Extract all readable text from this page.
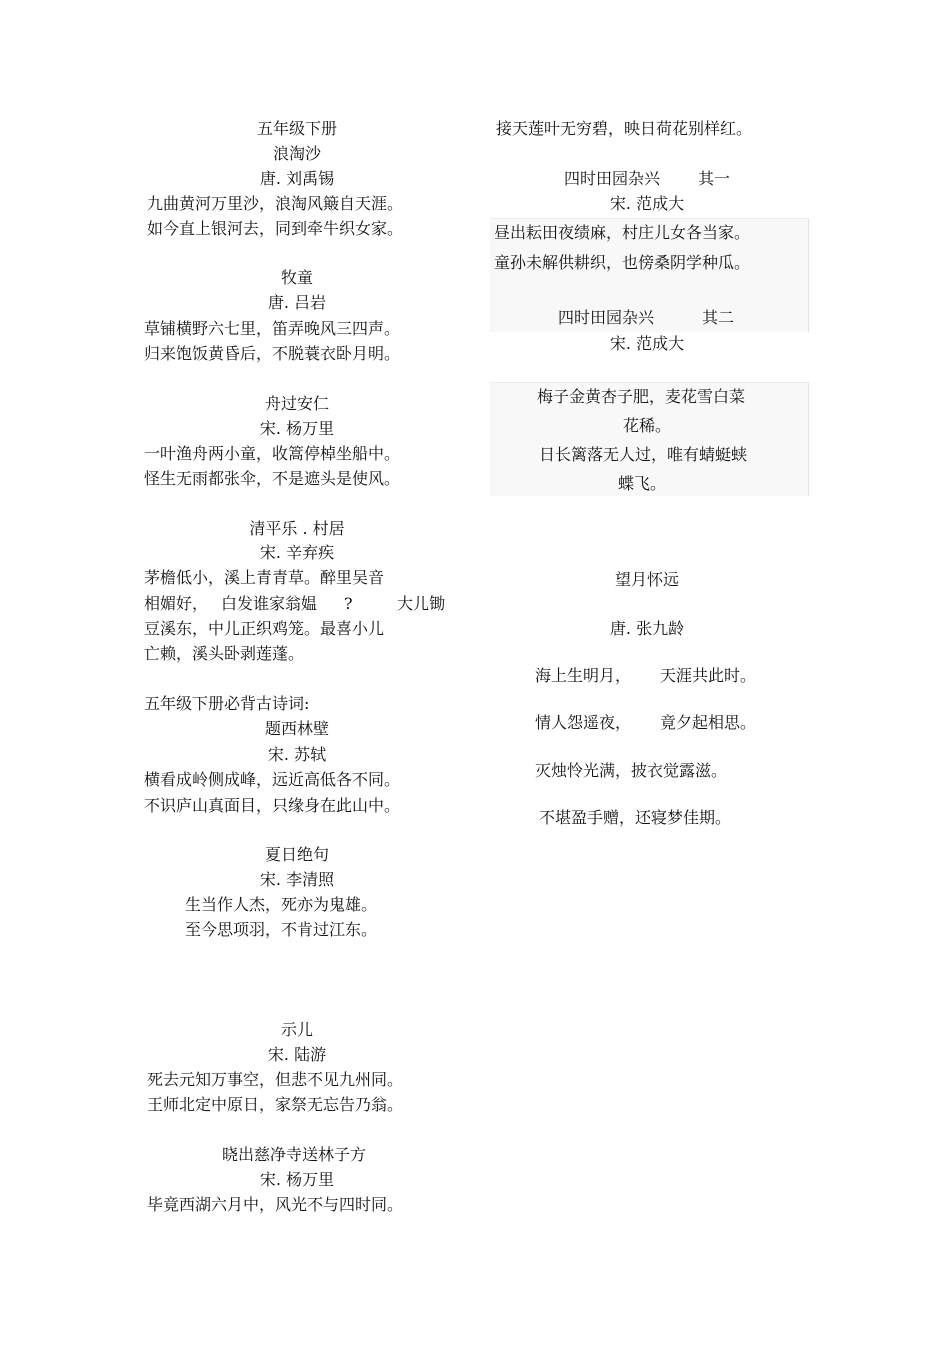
五年级下册
浪淘沙
唐. 刘禹锡
九曲黄河万里沙，浪淘风簸自天涯。
如今直上银河去，同到牵牛织女家。
牧童
唐. 吕岩
草铺横野六七里，笛弄晚风三四声。
归来饱饭黄昏后，不脱蓑衣卧月明。
舟过安仁
宋. 杨万里
一叶渔舟两小童，收篙停棹坐船中。
怪生无雨都张伞，不是遮头是使风。
清平乐 . 村居
宋. 辛弃疾
茅檐低小，溪上青青草。醉里吴音
相媚好， 白发谁家翁媪 ?	大儿锄
豆溪东，中儿正织鸡笼。最喜小儿
亡赖，溪头卧剥莲蓬。
五年级下册必背古诗词:
题西林壁
宋. 苏轼
横看成岭侧成峰，远近高低各不同。
不识庐山真面目，只缘身在此山中。
夏日绝句
宋. 李清照
生当作人杰，死亦为鬼雄。
至今思项羽，不肯过江东。
示儿
宋. 陆游
死去元知万事空，但悲不见九州同。
王师北定中原日，家祭无忘告乃翁。
晓出慈净寺送林子方
宋. 杨万里
毕竟西湖六月中，风光不与四时同。
接天莲叶无穷碧，映日荷花别样红。
四时田园杂兴 其一
宋. 范成大
昼出耘田夜绩麻，村庄儿女各当家。
童孙未解供耕织，也傍桑阴学种瓜。
四时田园杂兴	其二
宋. 范成大
梅子金黄杏子肥，麦花雪白菜
花稀。
日长篱落无人过，唯有蜻蜓蛱
蝶飞。
望月怀远
唐. 张九龄
海上生明月， 天涯共此时。
情人怨遥夜， 竟夕起相思。
灭烛怜光满，披衣觉露滋。
不堪盈手赠，还寝梦佳期。
